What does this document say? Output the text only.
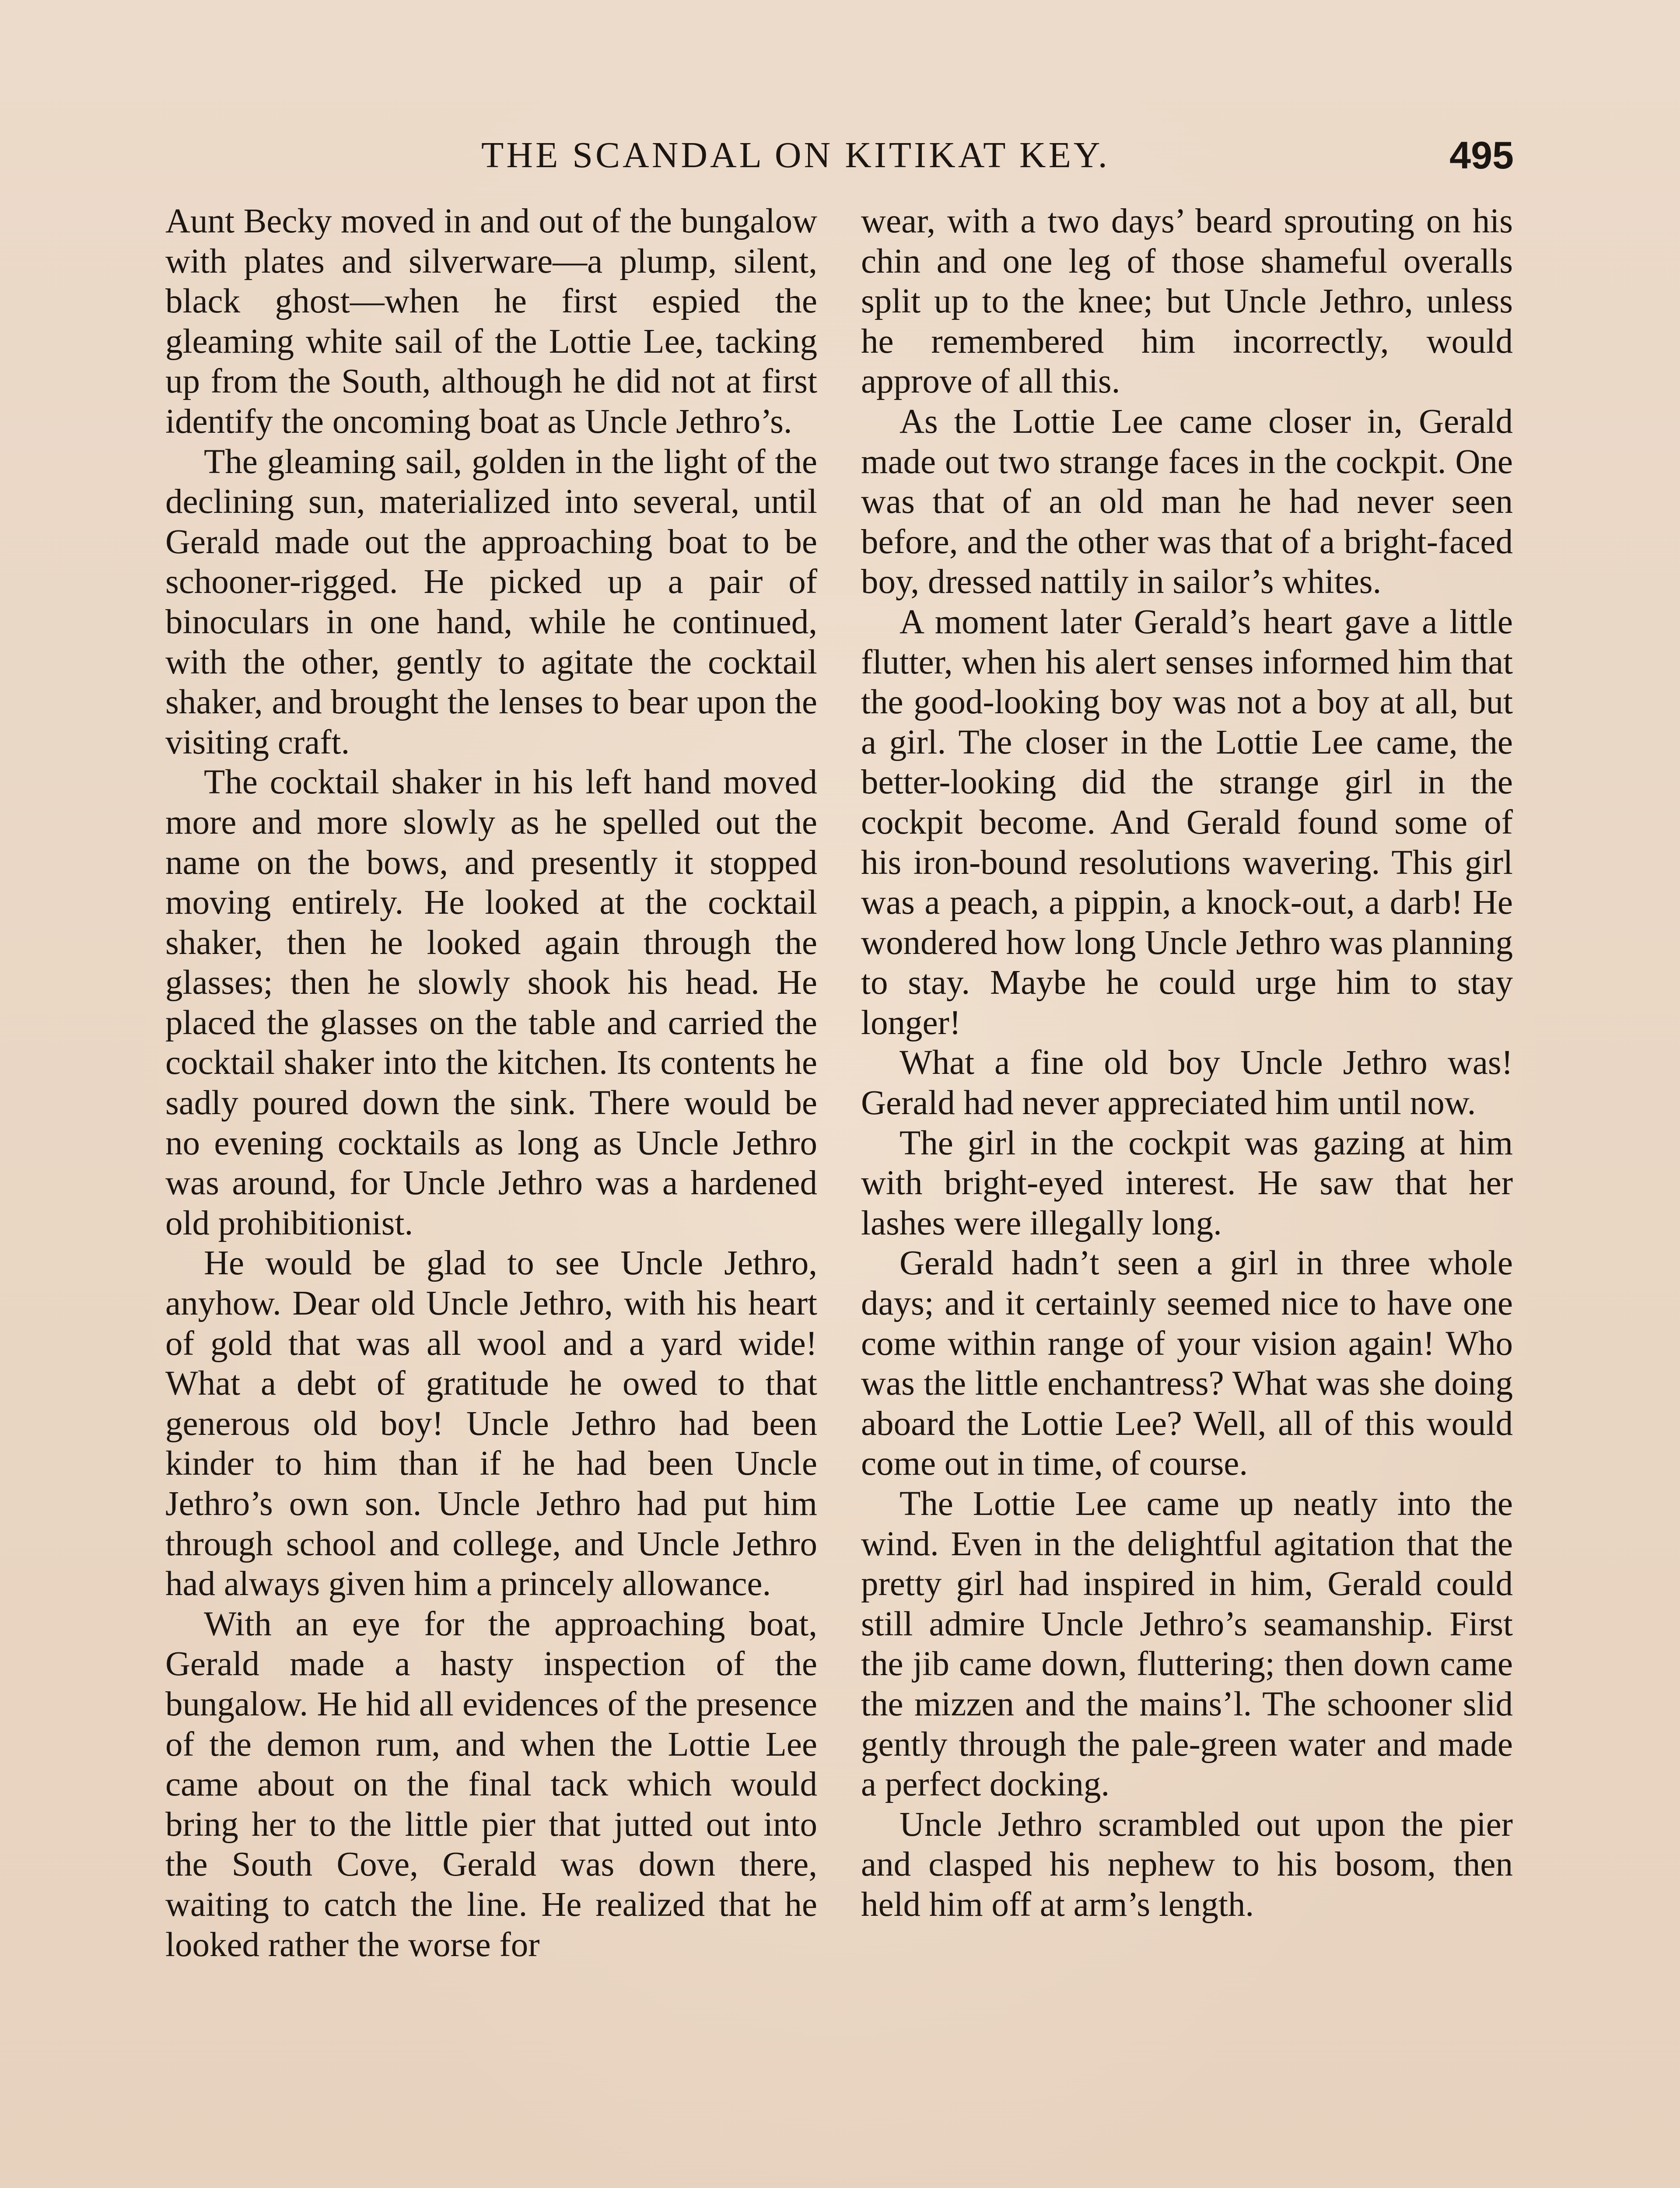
THE SCANDAL ON KITIKAT KEY.	495

Aunt Becky moved in and out of the bungalow with plates and silverware—a plump, silent, black ghost—when he first espied the gleaming white sail of the Lottie Lee, tacking up from the South, although he did not at first identify the oncoming boat as Uncle Jethro’s.

The gleaming sail, golden in the light of the declining sun, materialized into several, until Gerald made out the approaching boat to be schooner-rigged. He picked up a pair of binoculars in one hand, while he continued, with the other, gently to agitate the cocktail shaker, and brought the lenses to bear upon the visiting craft.

The cocktail shaker in his left hand moved more and more slowly as he spelled out the name on the bows, and presently it stopped moving entirely. He looked at the cocktail shaker, then he looked again through the glasses; then he slowly shook his head. He placed the glasses on the table and carried the cocktail shaker into the kitchen. Its contents he sadly poured down the sink. There would be no evening cocktails as long as Uncle Jethro was around, for Uncle Jethro was a hardened old prohibitionist.

He would be glad to see Uncle Jethro, anyhow. Dear old Uncle Jethro, with his heart of gold that was all wool and a yard wide! What a debt of gratitude he owed to that generous old boy! Uncle Jethro had been kinder to him than if he had been Uncle Jethro’s own son. Uncle Jethro had put him through school and college, and Uncle Jethro had always given him a princely allowance.

With an eye for the approaching boat, Gerald made a hasty inspection of the bungalow. He hid all evidences of the presence of the demon rum, and when the Lottie Lee came about on the final tack which would bring her to the little pier that jutted out into the South Cove, Gerald was down there, waiting to catch the line. He realized that he looked rather the worse for

wear, with a two days’ beard sprouting on his chin and one leg of those shameful overalls split up to the knee; but Uncle Jethro, unless he remembered him incorrectly, would approve of all this.

As the Lottie Lee came closer in, Gerald made out two strange faces in the cockpit. One was that of an old man he had never seen before, and the other was that of a bright-faced boy, dressed nattily in sailor’s whites.

A moment later Gerald’s heart gave a little flutter, when his alert senses informed him that the good-looking boy was not a boy at all, but a girl. The closer in the Lottie Lee came, the better-looking did the strange girl in the cockpit become. And Gerald found some of his iron-bound resolutions wavering. This girl was a peach, a pippin, a knock-out, a darb! He wondered how long Uncle Jethro was planning to stay. Maybe he could urge him to stay longer!

What a fine old boy Uncle Jethro was! Gerald had never appreciated him until now.

The girl in the cockpit was gazing at him with bright-eyed interest. He saw that her lashes were illegally long.

Gerald hadn’t seen a girl in three whole days; and it certainly seemed nice to have one come within range of your vision again! Who was the little enchantress? What was she doing aboard the Lottie Lee? Well, all of this would come out in time, of course.

The Lottie Lee came up neatly into the wind. Even in the delightful agitation that the pretty girl had inspired in him, Gerald could still admire Uncle Jethro’s seamanship. First the jib came down, fluttering; then down came the mizzen and the mains’l. The schooner slid gently through the pale-green water and made a perfect docking.

Uncle Jethro scrambled out upon the pier and clasped his nephew to his bosom, then held him off at arm’s length.
